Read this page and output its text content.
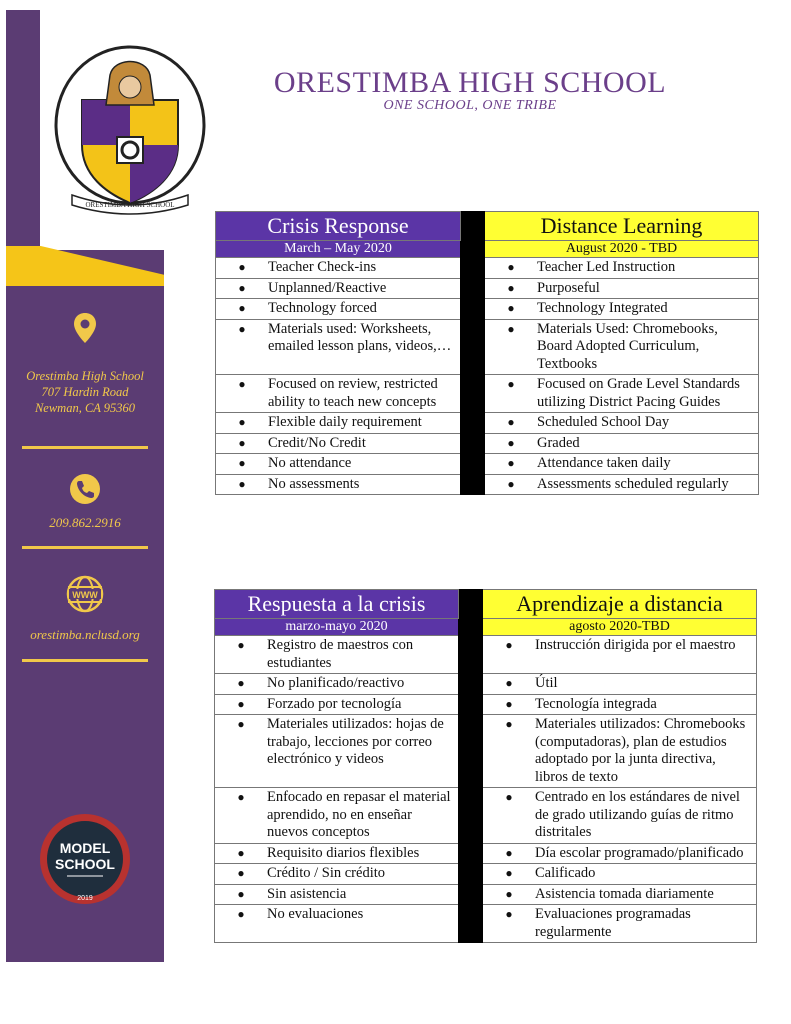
Orestimba High School
707 Hardin Road
Newman, CA 95360
209.862.2916
WWW
orestimba.nclusd.org
MODEL
SCHOOL
2019
ORESTIMBA HIGH SCHOOL
ORESTIMBA HIGH SCHOOL
ONE SCHOOL, ONE TRIBE
Crisis Response		Distance Learning
March – May 2020		August 2020 - TBD

● Teacher Check-ins		● Teacher Led Instruction

● Unplanned/Reactive		● Purposeful

● Technology forced		● Technology Integrated

● Materials used: Worksheets, emailed lesson plans, videos,…		● Materials Used: Chromebooks, Board Adopted Curriculum, Textbooks

● Focused on review, restricted ability to teach new concepts		● Focused on Grade Level Standards utilizing District Pacing Guides

● Flexible daily requirement		● Scheduled School Day

● Credit/No Credit		● Graded

● No attendance		● Attendance taken daily

● No assessments		● Assessments scheduled regularly
Respuesta a la crisis		Aprendizaje a distancia
marzo-mayo 2020		agosto 2020-TBD

● Registro de maestros con estudiantes		● Instrucción dirigida por el maestro

● No planificado/reactivo		● Útil

● Forzado por tecnología		● Tecnología integrada

● Materiales utilizados: hojas de trabajo, lecciones por correo electrónico y videos		● Materiales utilizados: Chromebooks (computadoras), plan de estudios adoptado por la junta directiva, libros de texto

● Enfocado en repasar el material aprendido, no en enseñar nuevos conceptos		● Centrado en los estándares de nivel de grado utilizando guías de ritmo distritales

● Requisito diarios flexibles		● Día escolar programado/planificado

● Crédito / Sin crédito		● Calificado

● Sin asistencia		● Asistencia tomada diariamente

● No evaluaciones		● Evaluaciones programadas regularmente
